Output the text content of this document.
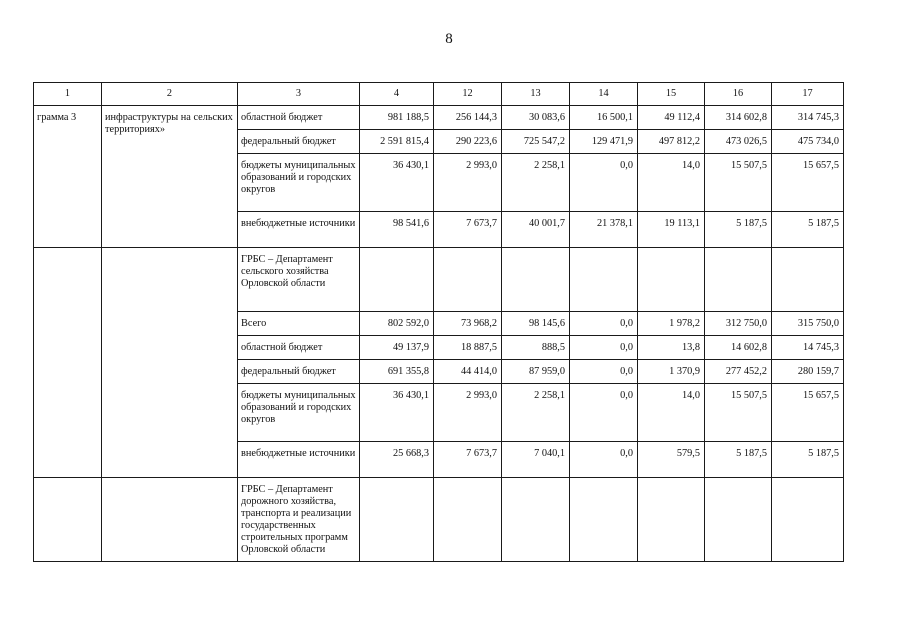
8
1	2	3	4	12	13	14	15	16	17
грамма 3	инфраструктуры на сельских территориях»	областной бюджет	981 188,5	256 144,3	30 083,6	16 500,1	49 112,4	314 602,8	314 745,3
		федеральный бюджет	2 591 815,4	290 223,6	725 547,2	129 471,9	497 812,2	473 026,5	475 734,0
		бюджеты муниципальных образований и городских округов	36 430,1	2 993,0	2 258,1	0,0	14,0	15 507,5	15 657,5
		внебюджетные источники	98 541,6	7 673,7	40 001,7	21 378,1	19 113,1	5 187,5	5 187,5
		ГРБС – Департамент сельского хозяйства Орловской области							
		Всего	802 592,0	73 968,2	98 145,6	0,0	1 978,2	312 750,0	315 750,0
		областной бюджет	49 137,9	18 887,5	888,5	0,0	13,8	14 602,8	14 745,3
		федеральный бюджет	691 355,8	44 414,0	87 959,0	0,0	1 370,9	277 452,2	280 159,7
		бюджеты муниципальных образований и городских округов	36 430,1	2 993,0	2 258,1	0,0	14,0	15 507,5	15 657,5
		внебюджетные источники	25 668,3	7 673,7	7 040,1	0,0	579,5	5 187,5	5 187,5
		ГРБС – Департамент дорожного хозяйства, транспорта и реализации государственных строительных программ Орловской области							
